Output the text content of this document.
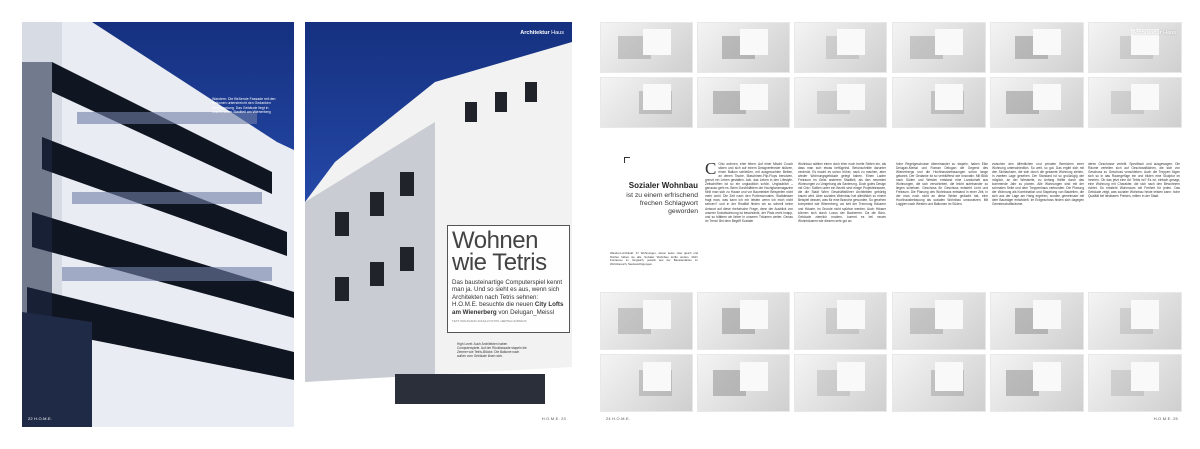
Wandern: Die fließende Fassade mit den Balkonen unterstreicht den Gedanken der Stapelung. Das Gebäude liegt in einem neuen Stadtteil am Wienerberg
22 H.O.M.E.
Architektur Haus
Wohnen
wie Tetris
Das bausteinartige Computerspiel kennt man ja. Und so sieht es aus, wenn sich Architekten nach Tetris sehnen: H.O.M.E. besuchte die neuen City Lofts am Wienerberg von Delugan_Meissl
TEXT: WOLFGANG SCHULZ FOTOS: HERTHA HURNAUS
High Level: Auch Architekten haben Computerspiele. Auf der Rückfassade stapeln die Zimmer wie Tetris-Blöcke. Die Balkone nach außen vom Gebäude lösen sich.
H.O.M.E. 23
Sozialer Wohnbau
ist zu einem erfrischend frechen Schlagwort geworden
Wandern-Architekt: 47 Wohnungen, davon keine zwei gleich und Rücher haben sie alle. Sozialer Wohnbau durfte anders. Mehr Freiraume im Vergleich, jeweils aus der Baustandarten im Wohnbereich, Neubesichtigungen.
C Chic wohnen, eher leben: Auf einer Mischt Couch sitzen und sich auf einem Designerfenster stützen, einen Balkon schließen, mit ausgesuchten Betten, an denen Tische, Maschinen-Flip-Flops benutzen, grenzt ein Leben gestalten. Ach, das Leben in den Lifestyle-Zeitschriften ist so ein unglaublich schön. Unglaublich – genauso geht es. Beim Durchblättern der Hochglanzmagazine fühlt man sich zu Hause und vor Baumeister Beispielen nicht mehr wohl. Die Zeit nach den Portemonnaies. Stattdessen fragt man, was kann ich mir leisten wenn ich mich nicht sehnen? und in der Realität finden wir so schnell keine Antwort auf diese rhetorische Frage, denn der Ausblick von unserer Sozialwohnung ist beschränkt, der Platz recht knapp, und so blättern wir lieber in unseren Träumen weiter. Genau im Trend: Bei dem Begriff Sozialer
Wohnbau wählen einen doch eher noch breite Seiten ein, als dass man sich etwas beflügelnd. Betonschnitte darunter verdeckt. Es macht es schon früher, nach zu machen, aber wieder Wohnungsgebäude gelegt haben. Einen Laden Freiraum im Geist anderem Stadtteil, als den neuesten Wohnungen zu Umgebung als Sanierung. Doch gutes Design mit Chic: Sollten unter ein Bezirk sind einige Projektetrassen, die die Stadt Wien Geschäftsführer Architekten gebürtig bauen wird. Aber soziales Wohnbau hat allmählich zu einem Beispiel dessen, was für eine Branche geworden. So gesehen kompetent wie Wienerberg, wo seit der Trennung Häusern und Häuser, im Grunde nicht spürbar werden. Auch Häuser können sich durch Luxus der Bauherren. Da die Büro-Gebäude ziemlich modern, kommt es bei neuen Wohnhäusern wie diesem sehr gut an.
24 H.O.M.E.
Architektur Haus
hohe Regelgeschosse übereinander zu stapeln, haben Elke Delugan-Meissl und Roman Delugan die Gegend des Wienerbergs und die Hochhausbebauungen schon lange gekannt. Der Gedanke ist so verblüffend wie innovativ: Mit Blick nach Süden und Westen entstand eine Landschaft aus Wohnungen, die sich verschieben, die leicht aufeinander zu liegen scheinen. Geschoss für Geschoss entsteht Licht und Freiraum. Die Planung des Wohnbaus entstand in einer Zeit, in der man noch nicht an diese Weise gedacht hat, eine Hochhausbebauung als sozialen Wohnbau umzusetzen. Mit Loggien nach Westen und Balkonen im Süden.
zwischen den öffentlichen und privaten Bereichen einer Wohnung unterschiedlich. So weit, so gut. Das ergibt sich mit den Sichtachsen, die sich durch die gesamte Wohnung ziehen, in zweiten Lage gesehen. Der Standard ist so großzügig wie möglich, an der Westseite, zu Anfang Hälfte durch das kommende Jahr zu planen. Alle Wohnungen sind mit der schmalen Seite und dem Treppenhaus verbunden. Die Planung der Wohnung als Kombination und Stapelung von Bauteilen, die sich aus der Lage am Hang ergeben, wurden gemeinsam mit dem Bauträger entwickelt. Im Erdgeschoss finden sich dagegen Gemeinschaftsräume.
deren Geschosse verteilt. Spezifisch und ausgewogen: Die Räume verteilen sich auf Geschossflächen, die sich von Geschoss zu Geschoss verschieben. Auch die Treppen fügen sich so in das Raumgefüge ein und bilden eine Skulptur im Inneren. Ob das jetzt eine Art Tetris ist? Es ist, einfach gesagt, eine Wohnung mit Charakter, die sich nach den Bewohnern richtet. So entsteht Wohnraum mit Freiheit für jeden. Das Gebäude zeigt, was sozialer Wohnbau heute leisten kann: hohe Qualität bei leistbaren Preisen, mitten in der Stadt.
H.O.M.E. 25
